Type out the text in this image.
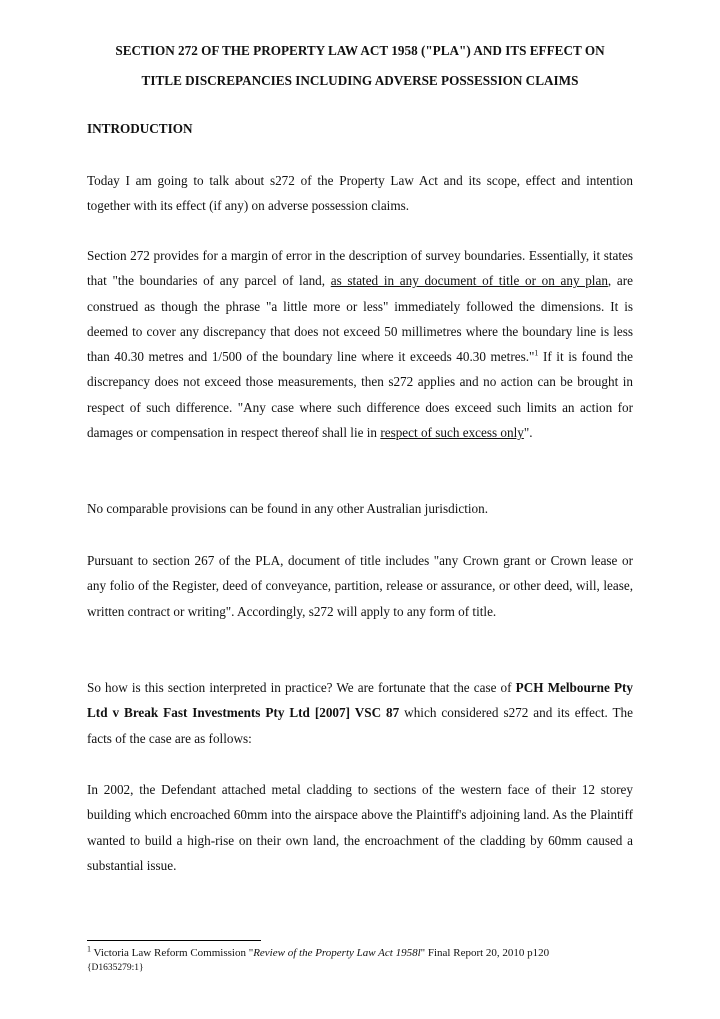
SECTION 272 OF THE PROPERTY LAW ACT 1958 ("PLA") AND ITS EFFECT ON
TITLE DISCREPANCIES INCLUDING ADVERSE POSSESSION CLAIMS
INTRODUCTION
Today I am going to talk about s272 of the Property Law Act and its scope, effect and intention together with its effect (if any) on adverse possession claims.
Section 272 provides for a margin of error in the description of survey boundaries. Essentially, it states that "the boundaries of any parcel of land, as stated in any document of title or on any plan, are construed as though the phrase "a little more or less" immediately followed the dimensions. It is deemed to cover any discrepancy that does not exceed 50 millimetres where the boundary line is less than 40.30 metres and 1/500 of the boundary line where it exceeds 40.30 metres."$^1$ If it is found the discrepancy does not exceed those measurements, then s272 applies and no action can be brought in respect of such difference. "Any case where such difference does exceed such limits an action for damages or compensation in respect thereof shall lie in respect of such excess only".
No comparable provisions can be found in any other Australian jurisdiction.
Pursuant to section 267 of the PLA, document of title includes "any Crown grant or Crown lease or any folio of the Register, deed of conveyance, partition, release or assurance, or other deed, will, lease, written contract or writing". Accordingly, s272 will apply to any form of title.
So how is this section interpreted in practice? We are fortunate that the case of PCH Melbourne Pty Ltd v Break Fast Investments Pty Ltd [2007] VSC 87 which considered s272 and its effect. The facts of the case are as follows:
In 2002, the Defendant attached metal cladding to sections of the western face of their 12 storey building which encroached 60mm into the airspace above the Plaintiff's adjoining land. As the Plaintiff wanted to build a high-rise on their own land, the encroachment of the cladding by 60mm caused a substantial issue.
$^1$ Victoria Law Reform Commission "Review of the Property Law Act 1958l" Final Report 20, 2010 p120
{D1635279:1}
